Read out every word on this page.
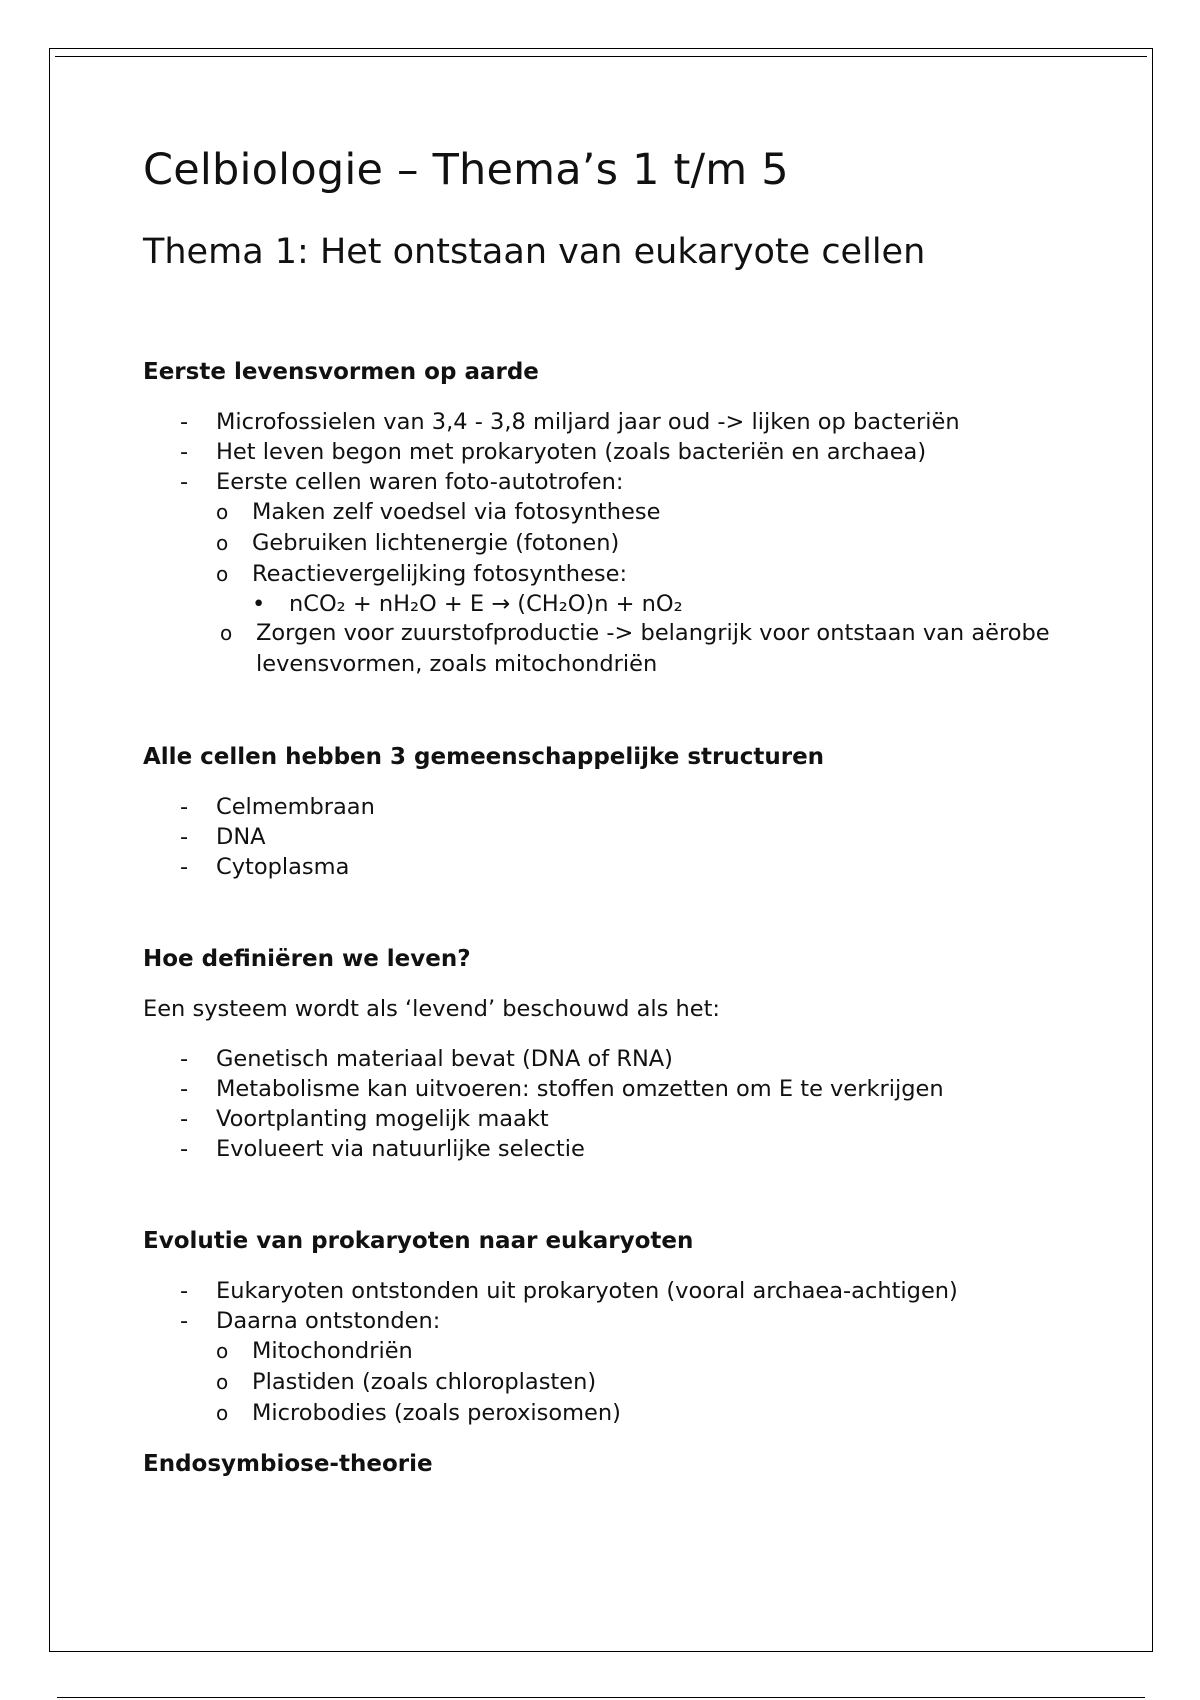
Celbiologie – Thema’s 1 t/m 5
Thema 1: Het ontstaan van eukaryote cellen
Eerste levensvormen op aarde
- Microfossielen van 3,4 - 3,8 miljard jaar oud -> lijken op bacteriën
- Het leven begon met prokaryoten (zoals bacteriën en archaea)
- Eerste cellen waren foto-autotrofen:
o Maken zelf voedsel via fotosynthese
o Gebruiken lichtenergie (fotonen)
o Reactievergelijking fotosynthese:
• nCO₂ + nH₂O + E → (CH₂O)n + nO₂
o Zorgen voor zuurstofproductie -> belangrijk voor ontstaan van aërobe levensvormen, zoals mitochondriën
Alle cellen hebben 3 gemeenschappelijke structuren
- Celmembraan
- DNA
- Cytoplasma
Hoe definiëren we leven?

Een systeem wordt als ‘levend’ beschouwd als het:

- Genetisch materiaal bevat (DNA of RNA)
- Metabolisme kan uitvoeren: stoffen omzetten om E te verkrijgen
- Voortplanting mogelijk maakt
- Evolueert via natuurlijke selectie
Evolutie van prokaryoten naar eukaryoten
- Eukaryoten ontstonden uit prokaryoten (vooral archaea-achtigen)
- Daarna ontstonden:
o Mitochondriën
o Plastiden (zoals chloroplasten)
o Microbodies (zoals peroxisomen)
Endosymbiose-theorie
